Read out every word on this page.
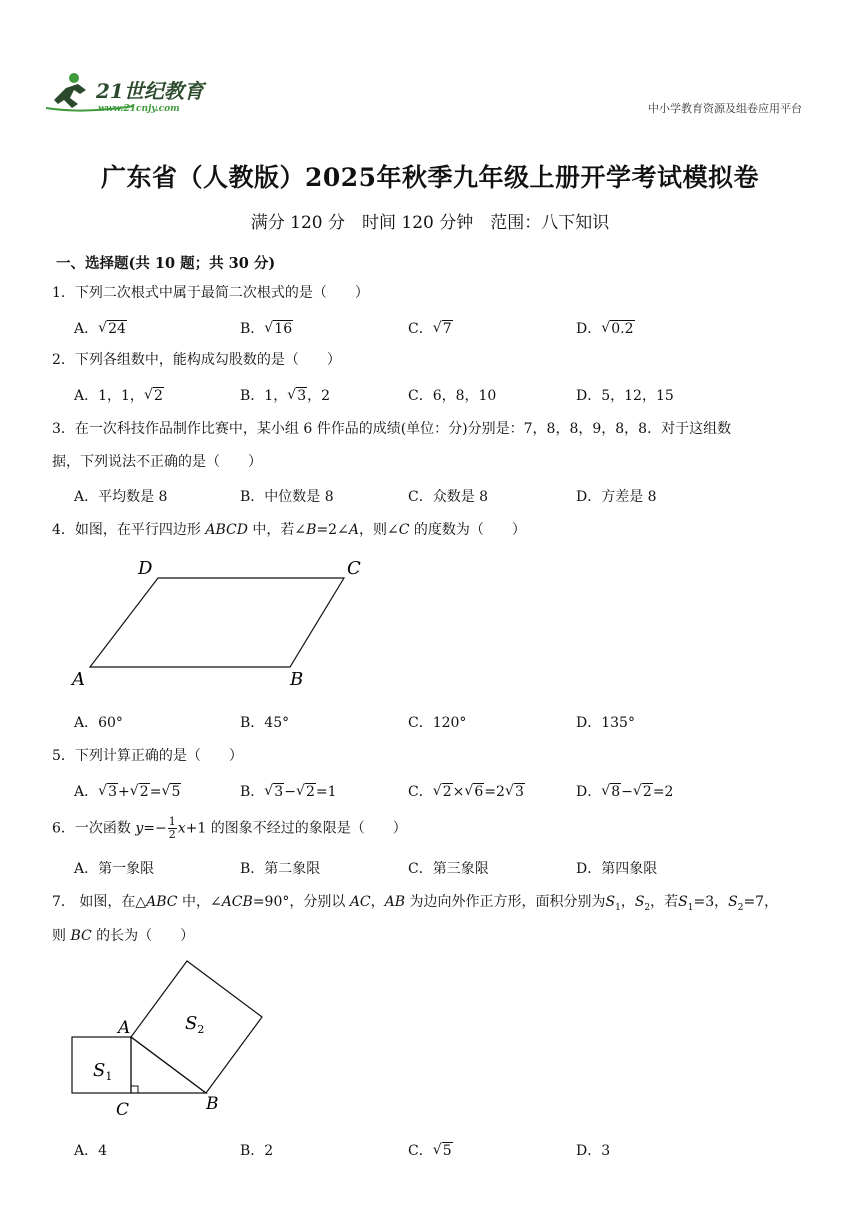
21世纪教育
www.21cnjy.com	中小学教育资源及组卷应用平台
广东省（人教版）2025年秋季九年级上册开学考试模拟卷
满分 120 分　时间 120 分钟　范围：八下知识
一、选择题(共 10 题；共 30 分)
1．下列二次根式中属于最简二次根式的是（　　）
A． √ 24	B． √ 16	C． √ 7	D． √ 0.2
2．下列各组数中，能构成勾股数的是（　　）
A．1，1， √ 2	B．1， √ 3，2	C．6，8，10	D．5，12，15
3．在一次科技作品制作比赛中，某小组 6 件作品的成绩(单位：分)分别是：7，8，8，9，8，8．对于这组数
据，下列说法不正确的是（　　）
A．平均数是 8	B．中位数是 8	C．众数是 8	D．方差是 8
4．如图，在平行四边形 ABCD 中，若∠B=2∠A，则∠C 的度数为（　　）
D	C
A	B
A．60°	B．45°	C．120°	D．135°
5．下列计算正确的是（　　）
A． √ 3+ √ 2= √ 5	B． √ 3− √ 2=1	C． √ 2× √ 6=2 √ 3	D． √ 8− √ 2=2
6．一次函数 $y=- \frac{1}{2} x+1$ 的图象不经过的象限是（　　）
A．第一象限	B．第二象限	C．第三象限	D．第四象限
7． 如图，在△ABC 中，∠ACB=90°，分别以 AC，AB 为边向外作正方形，面积分别为$S_1$，$S_2$，若$S_1=3$，$S_2=7$，
则 BC 的长为（　　）
A
C	B
$S_1$
$S_2$
A．4	B．2	C． √ 5	D．3
